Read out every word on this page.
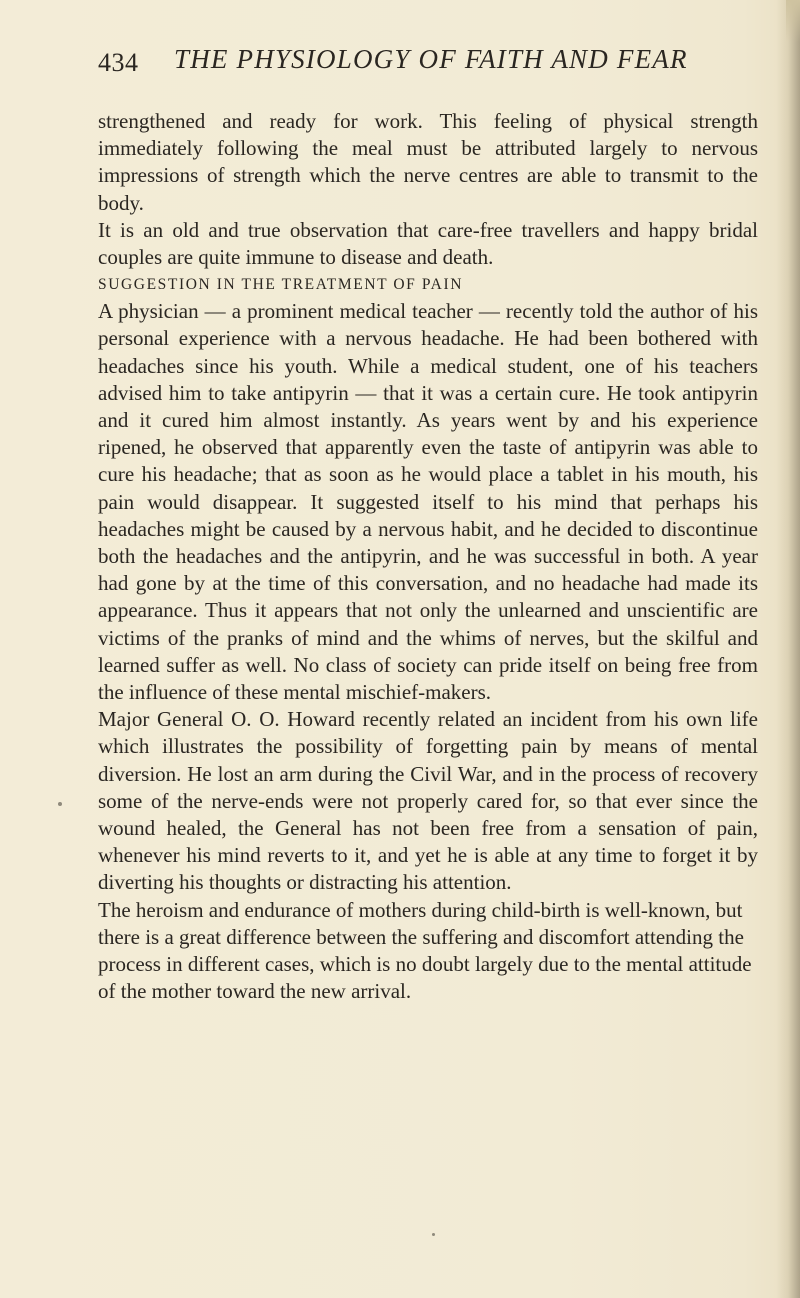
434 THE PHYSIOLOGY OF FAITH AND FEAR

strengthened and ready for work. This feeling of physical strength immediately following the meal must be attributed largely to nervous impressions of strength which the nerve centres are able to transmit to the body.

It is an old and true observation that care-free travellers and happy bridal couples are quite immune to disease and death.

SUGGESTION IN THE TREATMENT OF PAIN

A physician — a prominent medical teacher — recently told the author of his personal experience with a nervous headache. He had been bothered with headaches since his youth. While a medical student, one of his teachers advised him to take antipyrin — that it was a certain cure. He took antipyrin and it cured him almost instantly. As years went by and his experience ripened, he observed that apparently even the taste of antipyrin was able to cure his headache; that as soon as he would place a tablet in his mouth, his pain would disappear. It suggested itself to his mind that perhaps his headaches might be caused by a nervous habit, and he decided to discontinue both the headaches and the antipyrin, and he was successful in both. A year had gone by at the time of this conversation, and no headache had made its appearance. Thus it appears that not only the unlearned and unscientific are victims of the pranks of mind and the whims of nerves, but the skilful and learned suffer as well. No class of society can pride itself on being free from the influence of these mental mischief-makers.

Major General O. O. Howard recently related an incident from his own life which illustrates the possibility of forgetting pain by means of mental diversion. He lost an arm during the Civil War, and in the process of recovery some of the nerve-ends were not properly cared for, so that ever since the wound healed, the General has not been free from a sensation of pain, whenever his mind reverts to it, and yet he is able at any time to forget it by diverting his thoughts or distracting his attention.

The heroism and endurance of mothers during child-birth is well-known, but there is a great difference between the suffering and discomfort attending the process in different cases, which is no doubt largely due to the mental attitude of the mother toward the new arrival.
